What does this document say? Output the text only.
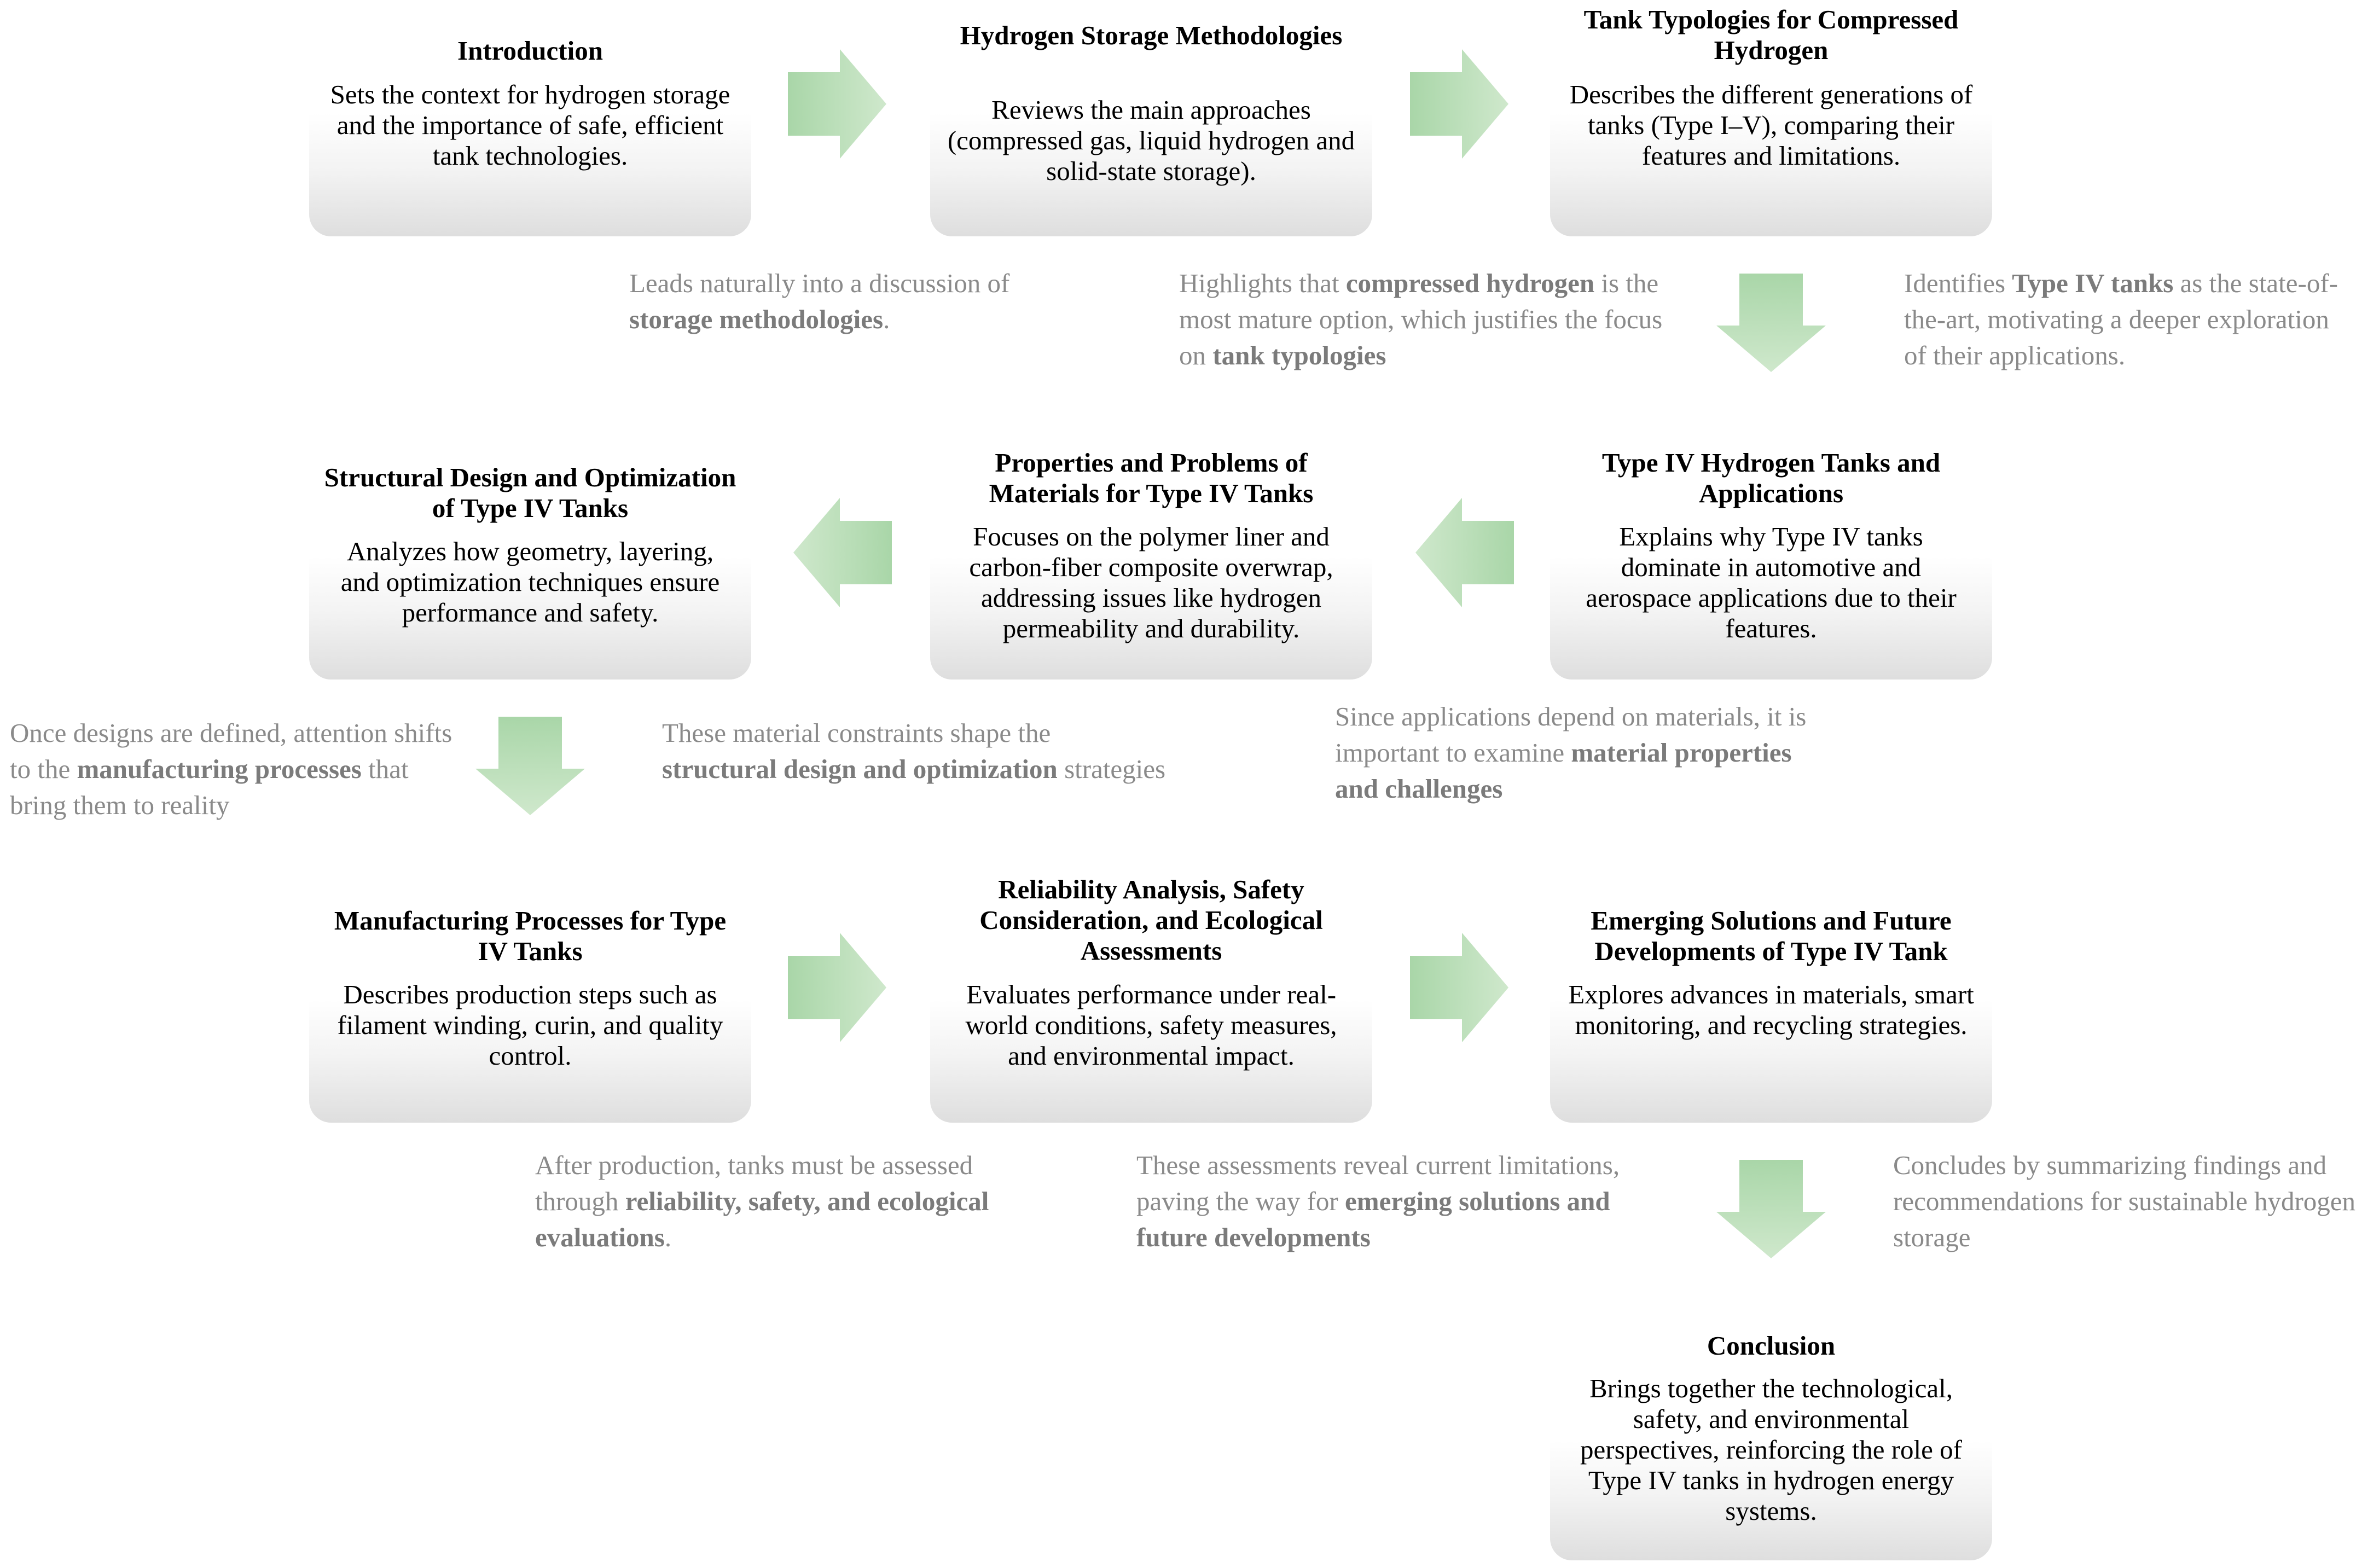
Introduction
Sets the context for hydrogen storage and the importance of safe, efficient tank technologies.
Hydrogen Storage Methodologies
Reviews the main approaches (compressed gas, liquid hydrogen and solid-state storage).
Tank Typologies for Compressed Hydrogen
Describes the different generations of tanks (Type I–V), comparing their features and limitations.
Structural Design and Optimization of Type IV Tanks
Analyzes how geometry, layering, and optimization techniques ensure performance and safety.
Properties and Problems of Materials for Type IV Tanks
Focuses on the polymer liner and carbon-fiber composite overwrap, addressing issues like hydrogen permeability and durability.
Type IV Hydrogen Tanks and Applications
Explains why Type IV tanks dominate in automotive and aerospace applications due to their features.
Manufacturing Processes for Type IV Tanks
Describes production steps such as filament winding, curin, and quality control.
Reliability Analysis, Safety Consideration, and Ecological Assessments
Evaluates performance under real-world conditions, safety measures, and environmental impact.
Emerging Solutions and Future Developments of Type IV Tank
Explores advances in materials, smart monitoring, and recycling strategies.
Conclusion
Brings together the technological, safety, and environmental perspectives, reinforcing the role of Type IV tanks in hydrogen energy systems.
Leads naturally into a discussion of storage methodologies.
Highlights that compressed hydrogen is the most mature option, which justifies the focus on tank typologies
Identifies Type IV tanks as the state-of-the-art, motivating a deeper exploration of their applications.
Once designs are defined, attention shifts to the manufacturing processes that bring them to reality
These material constraints shape the
structural design and optimization strategies
Since applications depend on materials, it is important to examine material properties and challenges
After production, tanks must be assessed through reliability, safety, and ecological evaluations.
These assessments reveal current limitations, paving the way for emerging solutions and future developments
Concludes by summarizing findings and recommendations for sustainable hydrogen storage
